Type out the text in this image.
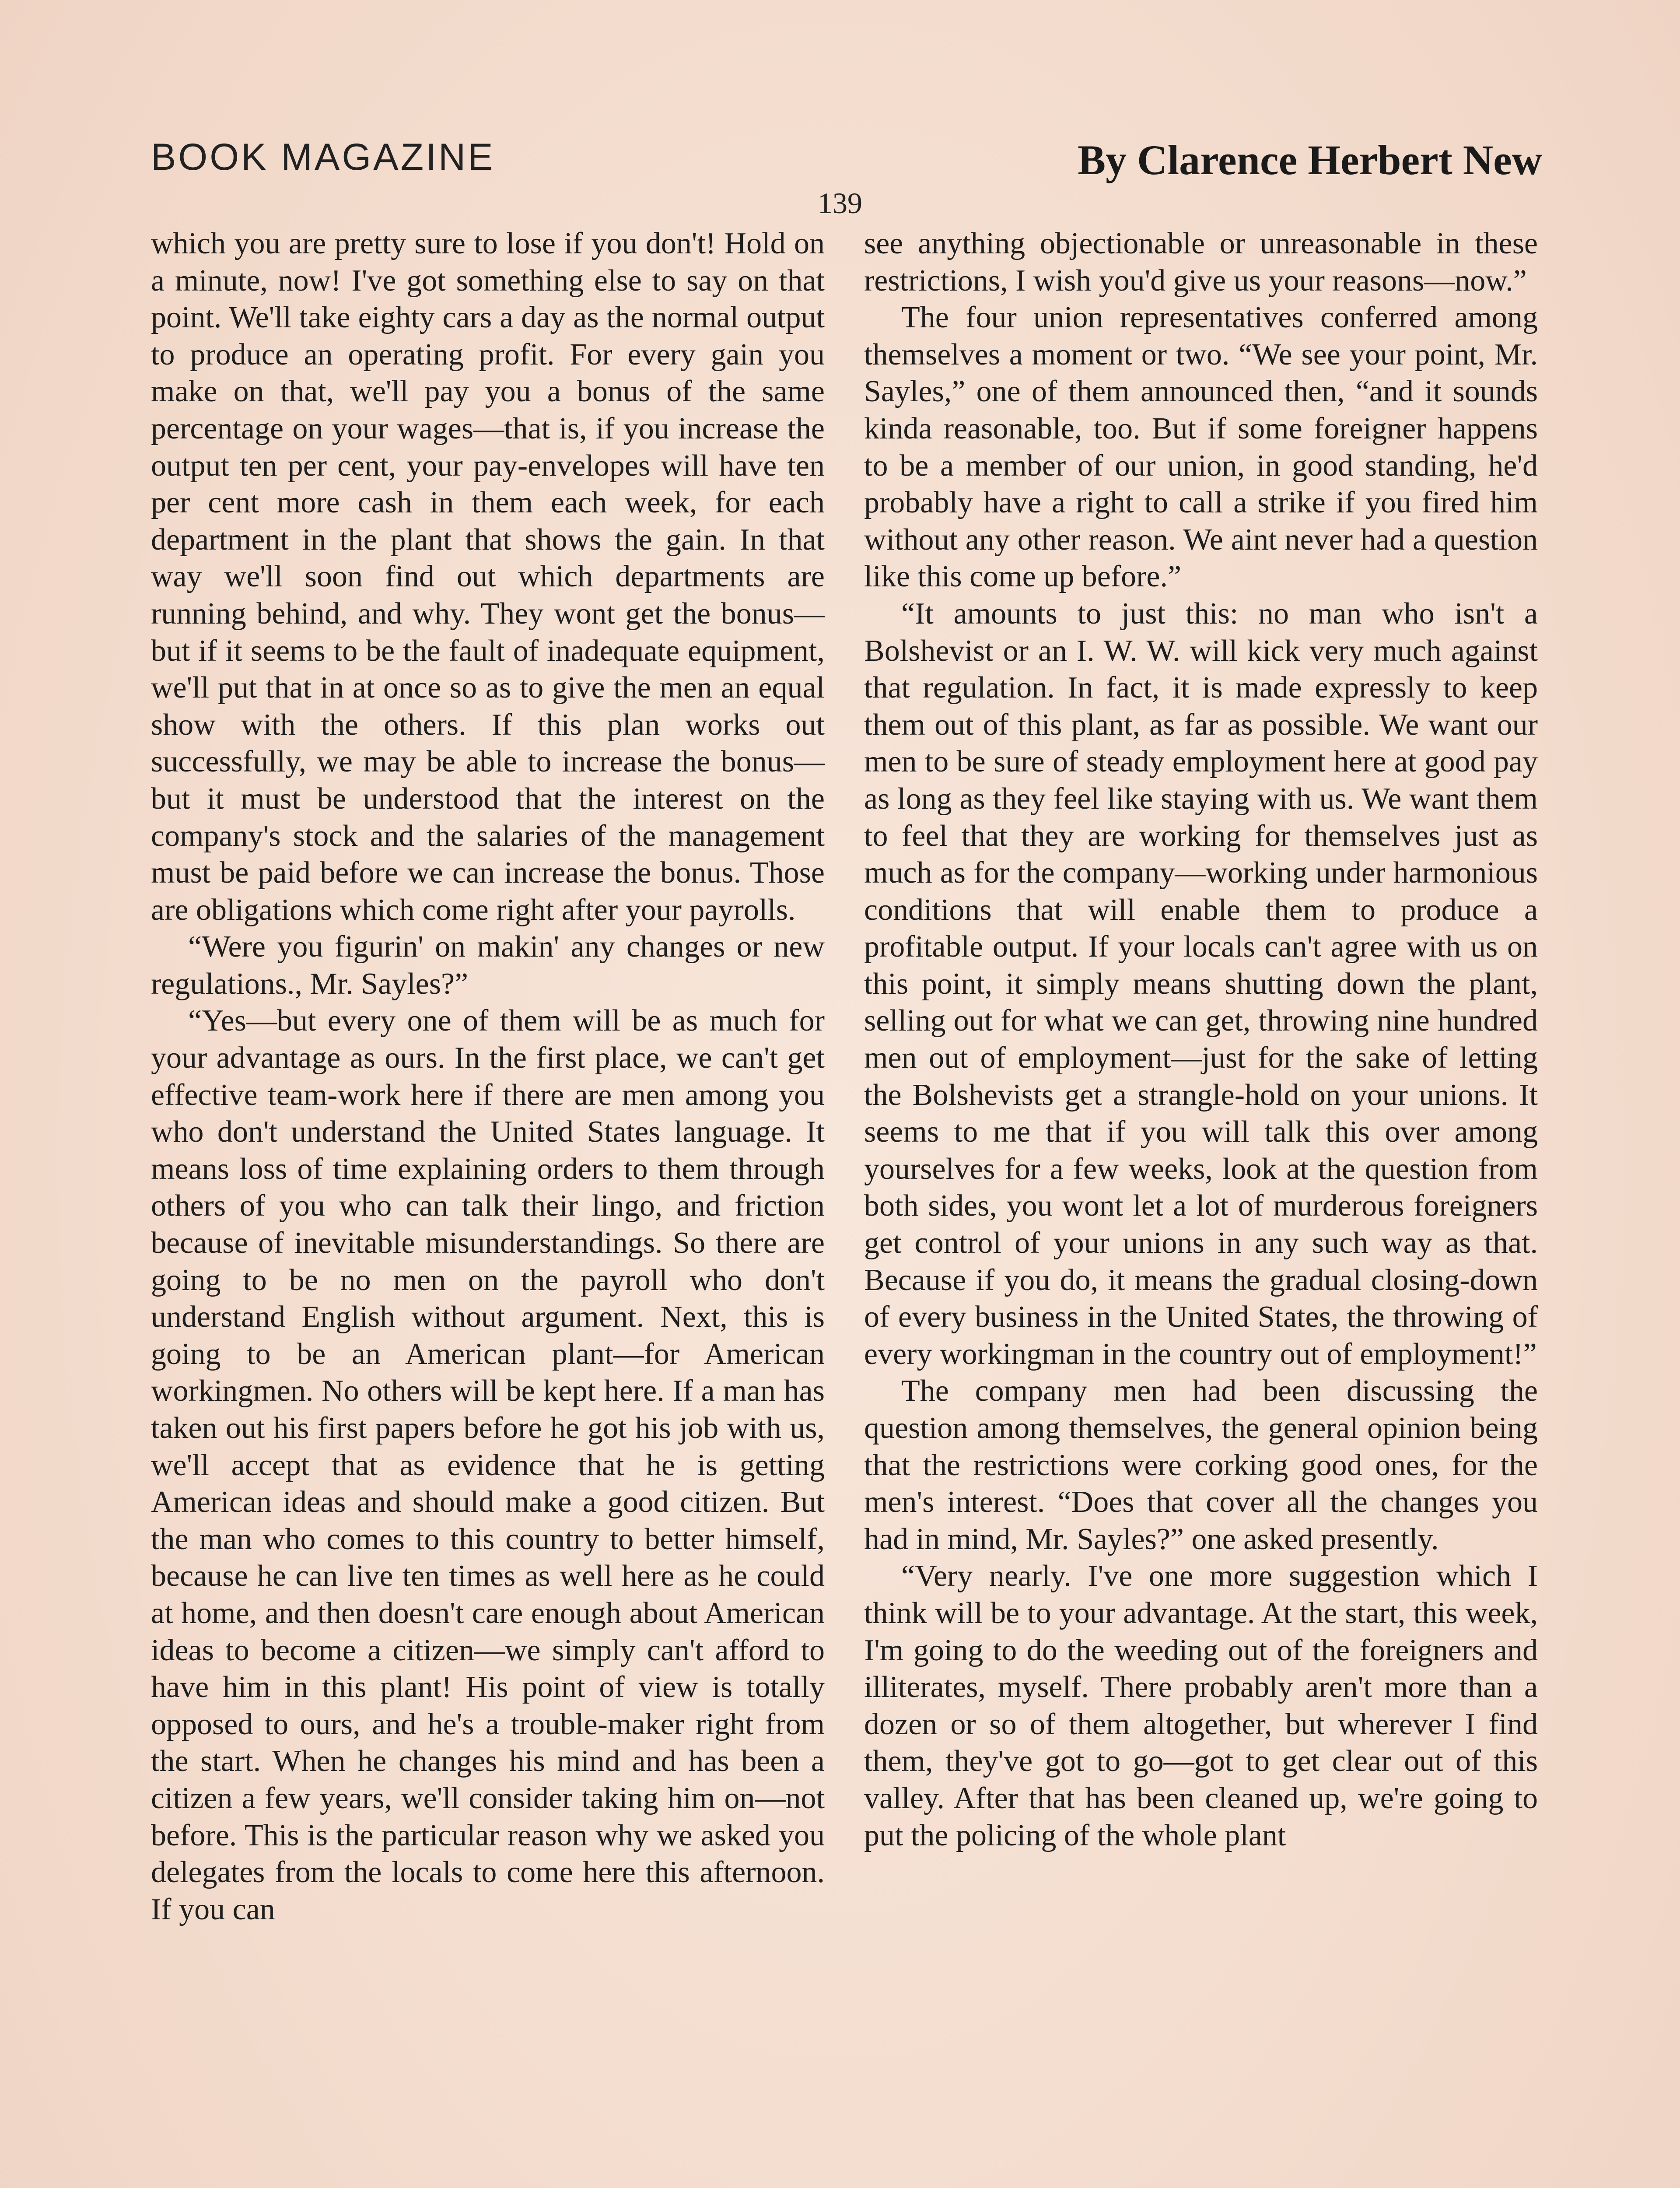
BOOK MAGAZINE	By Clarence Herbert New
139

which you are pretty sure to lose if you don't! Hold on a minute, now! I've got something else to say on that point. We'll take eighty cars a day as the normal output to produce an operating profit. For every gain you make on that, we'll pay you a bonus of the same percentage on your wages—that is, if you increase the output ten per cent, your pay-envelopes will have ten per cent more cash in them each week, for each department in the plant that shows the gain. In that way we'll soon find out which departments are running behind, and why. They wont get the bonus—but if it seems to be the fault of inadequate equipment, we'll put that in at once so as to give the men an equal show with the others. If this plan works out successfully, we may be able to increase the bonus—but it must be understood that the interest on the company's stock and the salaries of the management must be paid before we can increase the bonus. Those are obligations which come right after your payrolls.

“Were you figurin' on makin' any changes or new regulations., Mr. Sayles?”

“Yes—but every one of them will be as much for your advantage as ours. In the first place, we can't get effective team-work here if there are men among you who don't understand the United States language. It means loss of time explaining orders to them through others of you who can talk their lingo, and friction because of inevitable misunderstandings. So there are going to be no men on the payroll who don't understand English without argument. Next, this is going to be an American plant—for American workingmen. No others will be kept here. If a man has taken out his first papers before he got his job with us, we'll accept that as evidence that he is getting American ideas and should make a good citizen. But the man who comes to this country to better himself, because he can live ten times as well here as he could at home, and then doesn't care enough about American ideas to become a citizen—we simply can't afford to have him in this plant! His point of view is totally opposed to ours, and he's a trouble-maker right from the start. When he changes his mind and has been a citizen a few years, we'll consider taking him on—not before. This is the particular reason why we asked you delegates from the locals to come here this afternoon. If you can

see anything objectionable or unreasonable in these restrictions, I wish you'd give us your reasons—now.”

The four union representatives conferred among themselves a moment or two. “We see your point, Mr. Sayles,” one of them announced then, “and it sounds kinda reasonable, too. But if some foreigner happens to be a member of our union, in good standing, he'd probably have a right to call a strike if you fired him without any other reason. We aint never had a question like this come up before.”

“It amounts to just this: no man who isn't a Bolshevist or an I. W. W. will kick very much against that regulation. In fact, it is made expressly to keep them out of this plant, as far as possible. We want our men to be sure of steady employment here at good pay as long as they feel like staying with us. We want them to feel that they are working for themselves just as much as for the company—working under harmonious conditions that will enable them to produce a profitable output. If your locals can't agree with us on this point, it simply means shutting down the plant, selling out for what we can get, throwing nine hundred men out of employment—just for the sake of letting the Bolshevists get a strangle-hold on your unions. It seems to me that if you will talk this over among yourselves for a few weeks, look at the question from both sides, you wont let a lot of murderous foreigners get control of your unions in any such way as that. Because if you do, it means the gradual closing-down of every business in the United States, the throwing of every workingman in the country out of employment!”

The company men had been discussing the question among themselves, the general opinion being that the restrictions were corking good ones, for the men's interest. “Does that cover all the changes you had in mind, Mr. Sayles?” one asked presently.

“Very nearly. I've one more suggestion which I think will be to your advantage. At the start, this week, I'm going to do the weeding out of the foreigners and illiterates, myself. There probably aren't more than a dozen or so of them altogether, but wherever I find them, they've got to go—got to get clear out of this valley. After that has been cleaned up, we're going to put the policing of the whole plant
